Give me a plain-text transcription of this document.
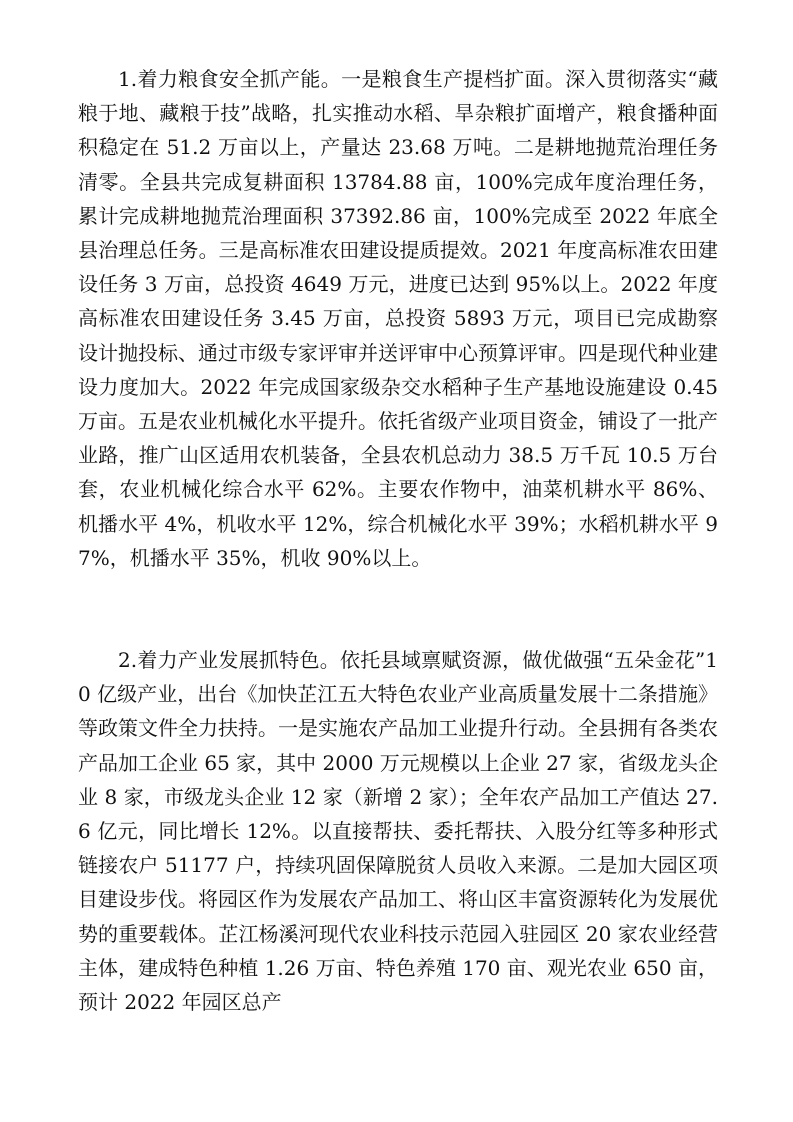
1.着力粮食安全抓产能。一是粮食生产提档扩面。深入贯彻落实“藏粮于地、藏粮于技”战略，扎实推动水稻、旱杂粮扩面增产，粮食播种面积稳定在 51.2 万亩以上，产量达 23.68 万吨。二是耕地抛荒治理任务清零。全县共完成复耕面积 13784.88 亩，100%完成年度治理任务，累计完成耕地抛荒治理面积 37392.86 亩，100%完成至 2022 年底全县治理总任务。三是高标准农田建设提质提效。2021 年度高标准农田建设任务 3 万亩，总投资 4649 万元，进度已达到 95%以上。2022 年度高标准农田建设任务 3.45 万亩，总投资 5893 万元，项目已完成勘察设计抛投标、通过市级专家评审并送评审中心预算评审。四是现代种业建设力度加大。2022 年完成国家级杂交水稻种子生产基地设施建设 0.45 万亩。五是农业机械化水平提升。依托省级产业项目资金，铺设了一批产业路，推广山区适用农机装备，全县农机总动力 38.5 万千瓦 10.5 万台套，农业机械化综合水平 62%。主要农作物中，油菜机耕水平 86%、机播水平 4%，机收水平 12%，综合机械化水平 39%；水稻机耕水平 97%，机播水平 35%，机收 90%以上。

2.着力产业发展抓特色。依托县域禀赋资源，做优做强“五朵金花”10 亿级产业，出台《加快芷江五大特色农业产业高质量发展十二条措施》等政策文件全力扶持。一是实施农产品加工业提升行动。全县拥有各类农产品加工企业 65 家，其中 2000 万元规模以上企业 27 家，省级龙头企业 8 家，市级龙头企业 12 家（新增 2 家）；全年农产品加工产值达 27.6 亿元，同比增长 12%。以直接帮扶、委托帮扶、入股分红等多种形式链接农户 51177 户，持续巩固保障脱贫人员收入来源。二是加大园区项目建设步伐。将园区作为发展农产品加工、将山区丰富资源转化为发展优势的重要载体。芷江杨溪河现代农业科技示范园入驻园区 20 家农业经营主体，建成特色种植 1.26 万亩、特色养殖 170 亩、观光农业 650 亩，预计 2022 年园区总产
